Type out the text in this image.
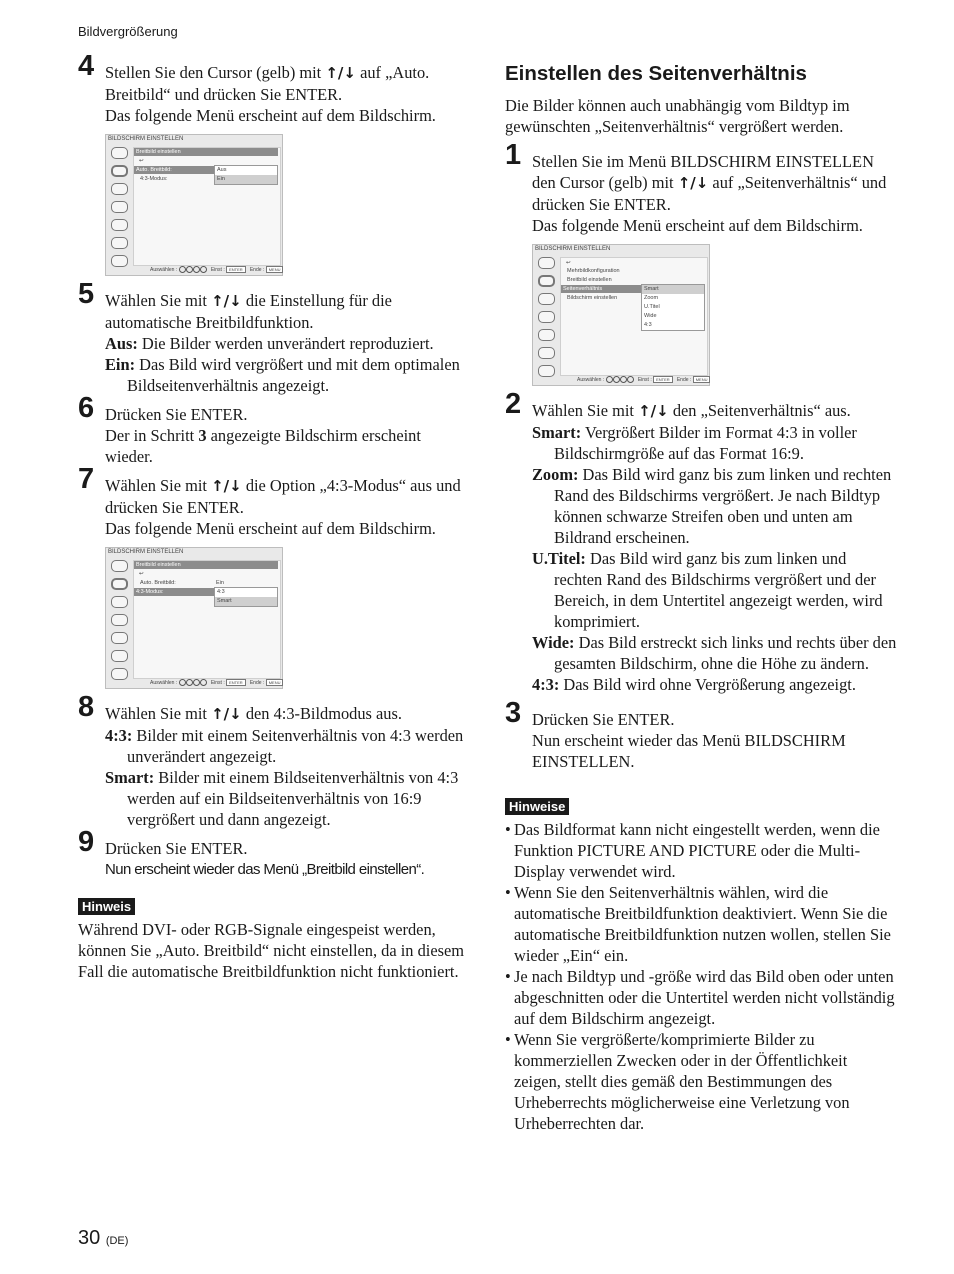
Bildvergrößerung
4 Stellen Sie den Cursor (gelb) mit ↑/↓ auf „Auto. Breitbild“ und drücken Sie ENTER.

Das folgende Menü erscheint auf dem Bildschirm.

BILDSCHIRM EINSTELLEN
Breitbild einstellen
↩
Auto. Breitbild:
4:3-Modus:
Aus
Ein
Auswählen :	Einst : ENTER Ende : MENU
5 Wählen Sie mit ↑/↓ die Einstellung für die automatische Breitbildfunktion.

Aus: Die Bilder werden unverändert reproduziert.

Ein: Das Bild wird vergrößert und mit dem optimalen Bildseitenverhältnis angezeigt.

6 Drücken Sie ENTER.

Der in Schritt 3 angezeigte Bildschirm erscheint wieder.

7 Wählen Sie mit ↑/↓ die Option „4:3-Modus“ aus und drücken Sie ENTER.

Das folgende Menü erscheint auf dem Bildschirm.

BILDSCHIRM EINSTELLEN
Breitbild einstellen
↩
Auto. Breitbild:	Ein
4:3-Modus:	4:3
Smart
Auswählen :	Einst : ENTER Ende : MENU
8 Wählen Sie mit ↑/↓ den 4:3-Bildmodus aus.

4:3: Bilder mit einem Seitenverhältnis von 4:3 werden unverändert angezeigt.

Smart: Bilder mit einem Bildseitenverhältnis von 4:3 werden auf ein Bildseitenverhältnis von 16:9 vergrößert und dann angezeigt.

9 Drücken Sie ENTER.

Nun erscheint wieder das Menü „Breitbild einstellen“.

Hinweis

Während DVI- oder RGB-Signale eingespeist werden, können Sie „Auto. Breitbild“ nicht einstellen, da in diesem Fall die automatische Breitbildfunktion nicht funktioniert.

Einstellen des Seitenverhältnis

Die Bilder können auch unabhängig vom Bildtyp im gewünschten „Seitenverhältnis“ vergrößert werden.

1 Stellen Sie im Menü BILDSCHIRM EINSTELLEN den Cursor (gelb) mit ↑/↓ auf „Seitenverhältnis“ und drücken Sie ENTER.

Das folgende Menü erscheint auf dem Bildschirm.

BILDSCHIRM EINSTELLEN
↩
Mehrbildkonfiguration
Breitbild einstellen
Seitenverhältnis
Bildschirm einstellen
Smart
Zoom
U.Titel
Wide
4:3
Auswählen :	Einst : ENTER Ende : MENU
2 Wählen Sie mit ↑/↓ den „Seitenverhältnis“ aus.

Smart: Vergrößert Bilder im Format 4:3 in voller Bildschirmgröße auf das Format 16:9.

Zoom: Das Bild wird ganz bis zum linken und rechten Rand des Bildschirms vergrößert. Je nach Bildtyp können schwarze Streifen oben und unten am Bildrand erscheinen.

U.Titel: Das Bild wird ganz bis zum linken und rechten Rand des Bildschirms vergrößert und der Bereich, in dem Untertitel angezeigt werden, wird komprimiert.

Wide: Das Bild erstreckt sich links und rechts über den gesamten Bildschirm, ohne die Höhe zu ändern.

4:3: Das Bild wird ohne Vergrößerung angezeigt.

3 Drücken Sie ENTER.

Nun erscheint wieder das Menü BILDSCHIRM EINSTELLEN.

Hinweise
• Das Bildformat kann nicht eingestellt werden, wenn die Funktion PICTURE AND PICTURE oder die Multi-Display verwendet wird.
• Wenn Sie den Seitenverhältnis wählen, wird die automatische Breitbildfunktion deaktiviert. Wenn Sie die automatische Breitbildfunktion nutzen wollen, stellen Sie wieder „Ein“ ein.
• Je nach Bildtyp und -größe wird das Bild oben oder unten abgeschnitten oder die Untertitel werden nicht vollständig auf dem Bildschirm angezeigt.
• Wenn Sie vergrößerte/komprimierte Bilder zu kommerziellen Zwecken oder in der Öffentlichkeit zeigen, stellt dies gemäß den Bestimmungen des Urheberrechts möglicherweise eine Verletzung von Urheberrechten dar.
30 (DE)
